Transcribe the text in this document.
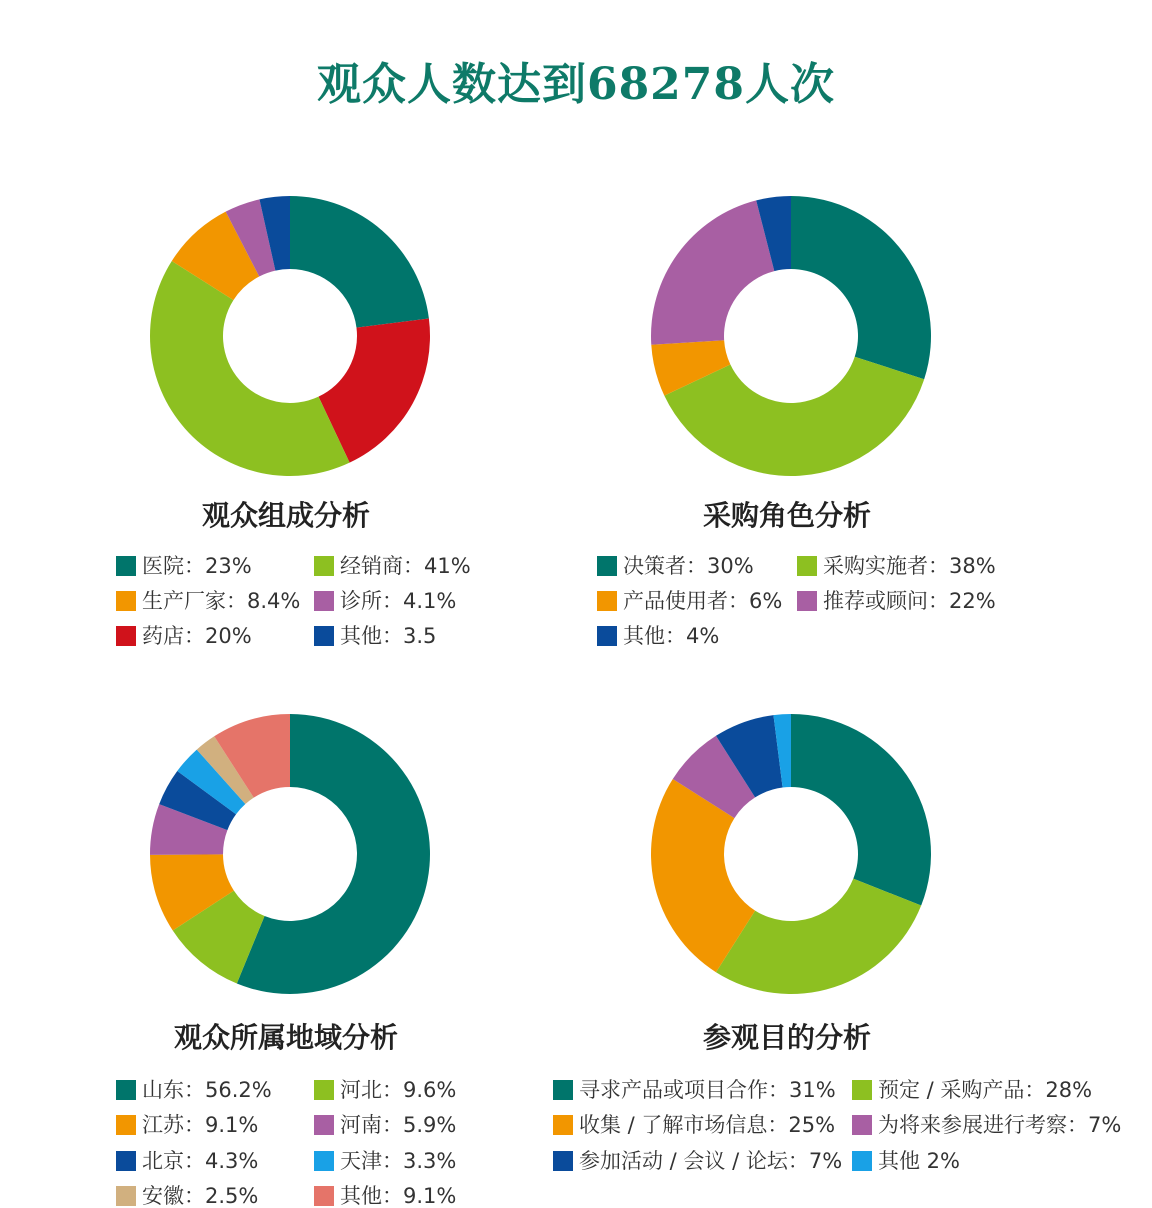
观众人数达到68278人次
观众组成分析
医院：23%	经销商：41%
生产厂家：8.4% 诊所：4.1%
药店：20%	其他：3.5
采购角色分析
决策者：30%	采购实施者：38%
产品使用者：6% 推荐或顾问：22%
其他：4%
观众所属地域分析
山东：56.2%	河北：9.6%
江苏：9.1%	河南：5.9%
北京：4.3%	天津：3.3%
安徽：2.5%	其他：9.1%
参观目的分析
寻求产品或项目合作：31% 预定 / 采购产品：28%
收集 / 了解市场信息：25% 为将来参展进行考察：7%
参加活动 / 会议 / 论坛：7% 其他 2%
